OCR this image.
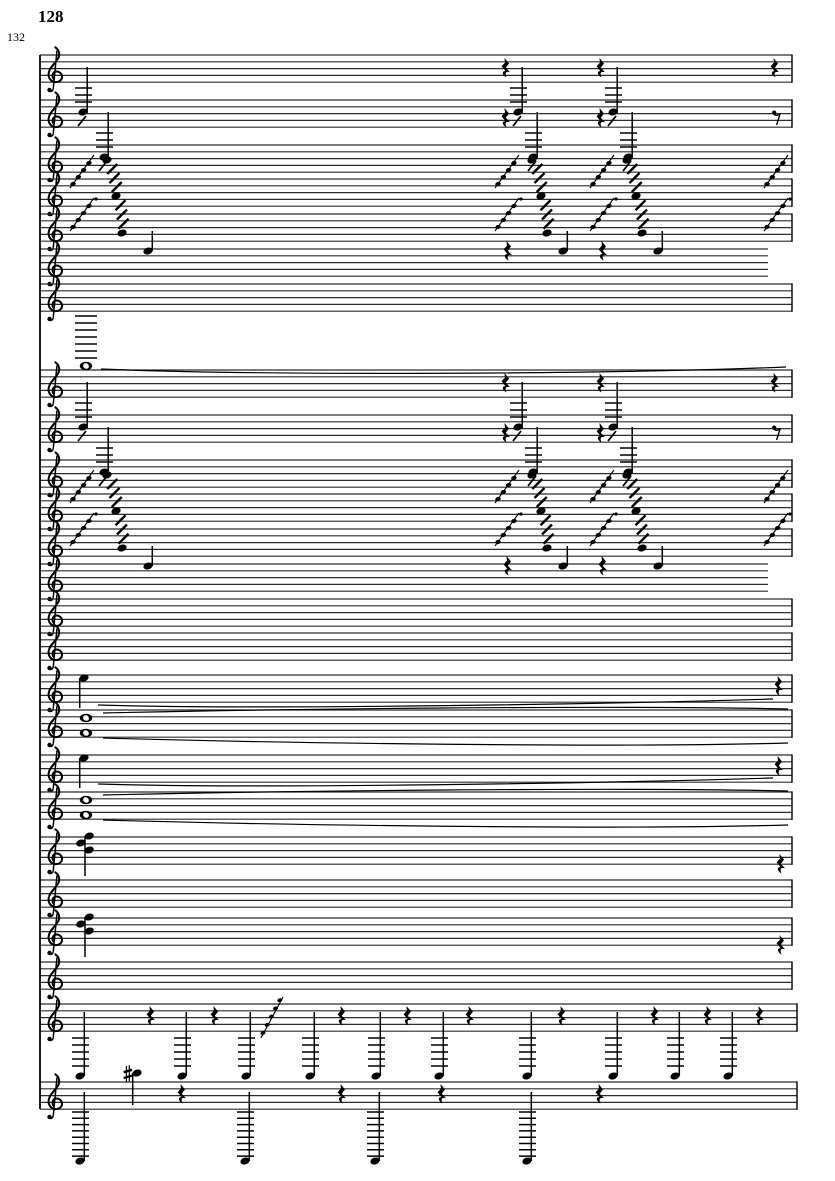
128
132
